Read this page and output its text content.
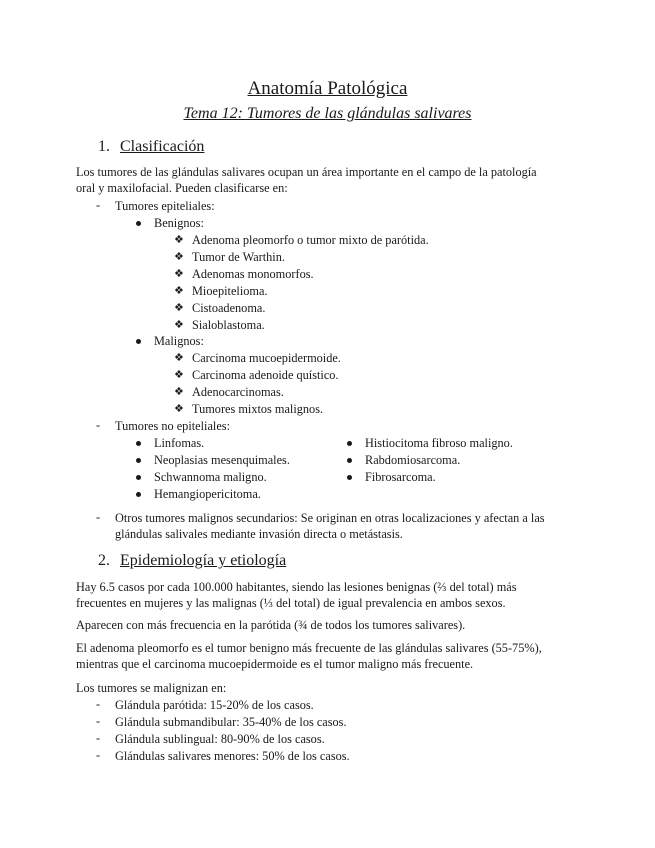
Anatomía Patológica
Tema 12: Tumores de las glándulas salivares
1. Clasificación
Los tumores de las glándulas salivares ocupan un área importante en el campo de la patología
oral y maxilofacial. Pueden clasificarse en:
- Tumores epiteliales:
Benignos:
❖ Adenoma pleomorfo o tumor mixto de parótida.
❖ Tumor de Warthin.
❖ Adenomas monomorfos.
❖ Mioepitelioma.
❖ Cistoadenoma.
❖ Sialoblastoma.
Malignos:
❖ Carcinoma mucoepidermoide.
❖ Carcinoma adenoide quístico.
❖ Adenocarcinomas.
❖ Tumores mixtos malignos.
- Tumores no epiteliales:
Linfomas.
Neoplasias mesenquimales.
Schwannoma maligno.
Hemangiopericitoma.
Histiocitoma fibroso maligno.
Rabdomiosarcoma.
Fibrosarcoma.
- Otros tumores malignos secundarios: Se originan en otras localizaciones y afectan a las
glándulas salivales mediante invasión directa o metástasis.
2. Epidemiología y etiología
Hay 6.5 casos por cada 100.000 habitantes, siendo las lesiones benignas (⅔ del total) más
frecuentes en mujeres y las malignas (⅓ del total) de igual prevalencia en ambos sexos.
Aparecen con más frecuencia en la parótida (¾ de todos los tumores salivares).
El adenoma pleomorfo es el tumor benigno más frecuente de las glándulas salivares (55-75%),
mientras que el carcinoma mucoepidermoide es el tumor maligno más frecuente.
Los tumores se malignizan en:
- Glándula parótida: 15-20% de los casos.
- Glándula submandibular: 35-40% de los casos.
- Glándula sublingual: 80-90% de los casos.
- Glándulas salivares menores: 50% de los casos.
